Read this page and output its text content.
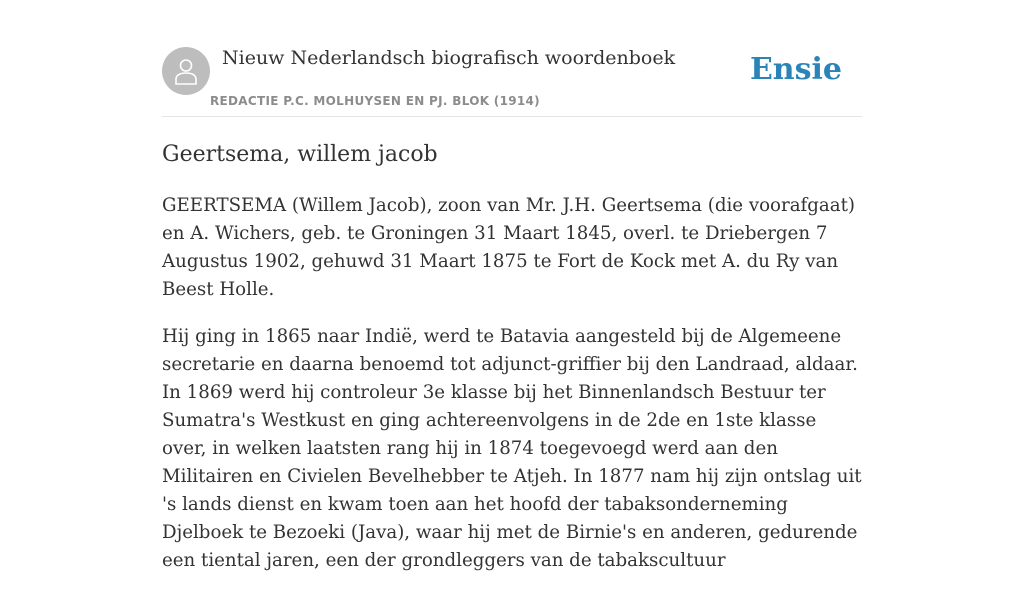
Nieuw Nederlandsch biografisch woordenboek
REDACTIE P.C. MOLHUYSEN EN PJ. BLOK (1914)
Ensie
Geertsema, willem jacob

GEERTSEMA (Willem Jacob), zoon van Mr. J.H. Geertsema (die voorafgaat) en A. Wichers, geb. te Groningen 31 Maart 1845, overl. te Driebergen 7 Augustus 1902, gehuwd 31 Maart 1875 te Fort de Kock met A. du Ry van Beest Holle.

Hij ging in 1865 naar Indië, werd te Batavia aangesteld bij de Algemeene secretarie en daarna benoemd tot adjunct-griffier bij den Landraad, aldaar. In 1869 werd hij controleur 3e klasse bij het Binnenlandsch Bestuur ter Sumatra's Westkust en ging achtereenvolgens in de 2de en 1ste klasse over, in welken laatsten rang hij in 1874 toegevoegd werd aan den Militairen en Civielen Bevelhebber te Atjeh. In 1877 nam hij zijn ontslag uit 's lands dienst en kwam toen aan het hoofd der tabaksonderneming Djelboek te Bezoeki (Java), waar hij met de Birnie's en anderen, gedurende een tiental jaren, een der grondleggers van de tabakscultuur
